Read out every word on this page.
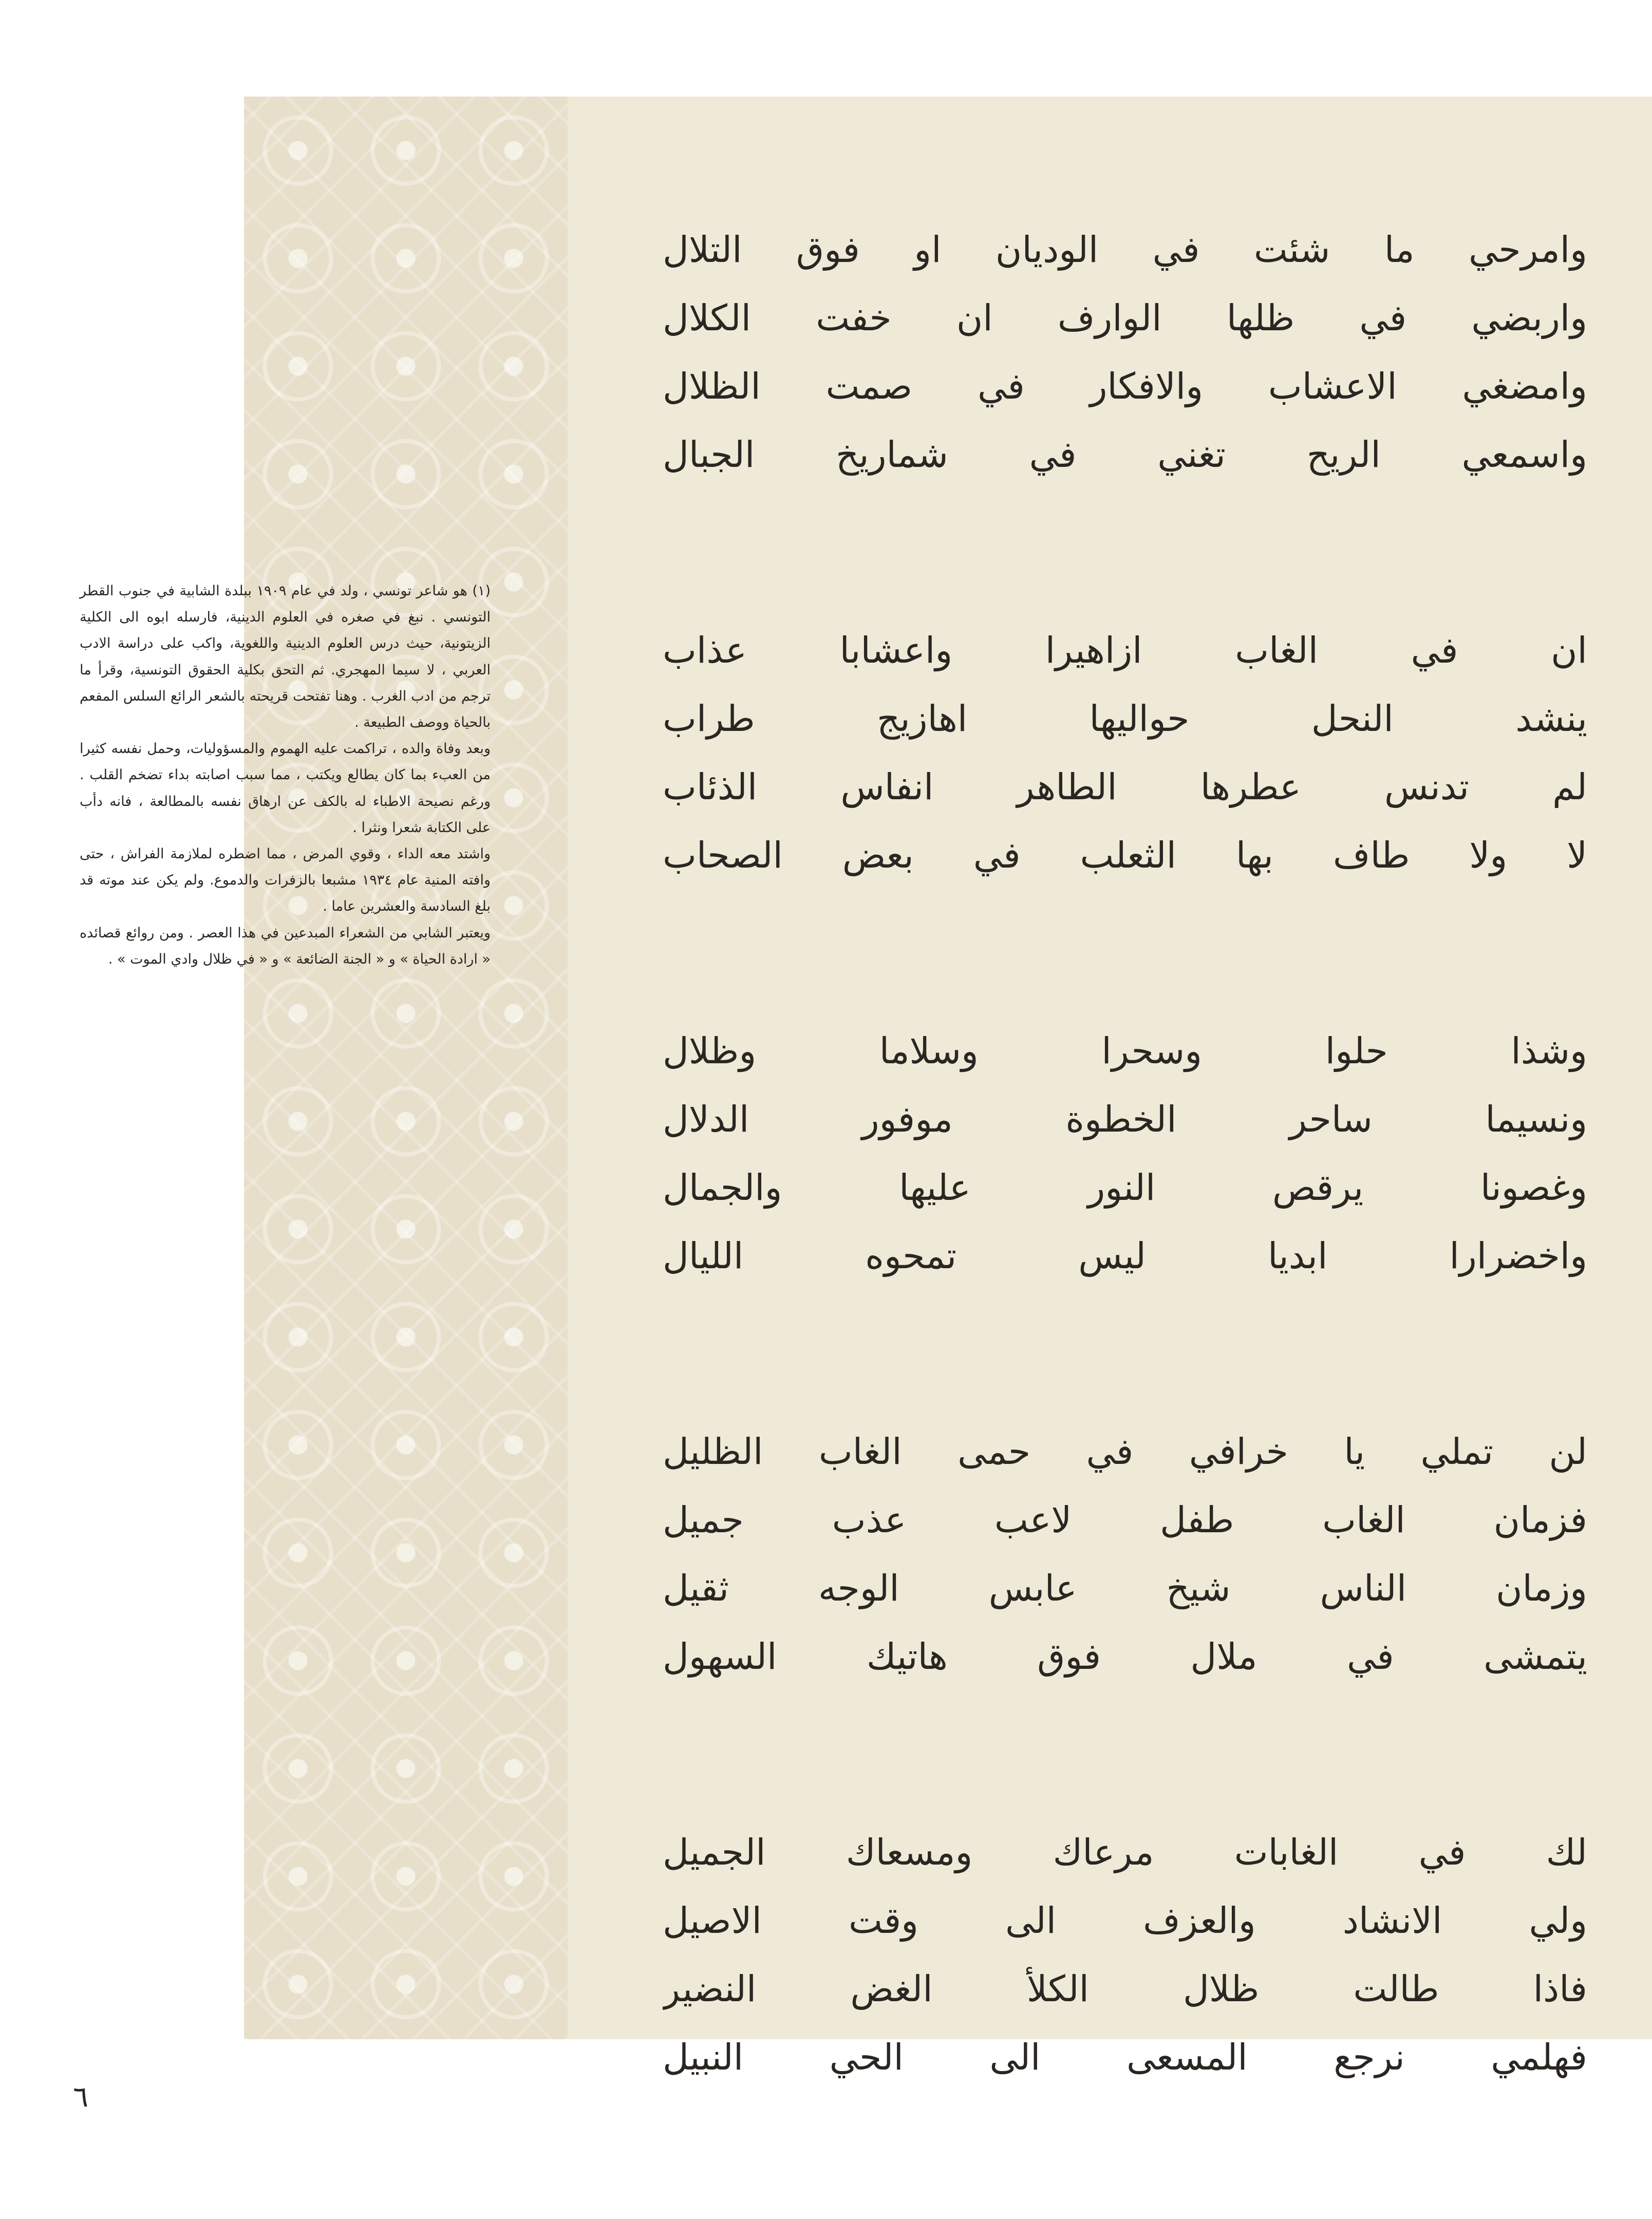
وامرحي ما شئت في الوديان او فوق التلال
واربضي في ظلها الوارف ان خفت الكلال
وامضغي الاعشاب والافكار في صمت الظلال
واسمعي الريح تغني في شماريخ الجبال
ان في الغاب ازاهيرا واعشابا عذاب
ينشد النحل حواليها اهازيج طراب
لم تدنس عطرها الطاهر انفاس الذئاب
لا ولا طاف بها الثعلب في بعض الصحاب
وشذا حلوا وسحرا وسلاما وظلال
ونسيما ساحر الخطوة موفور الدلال
وغصونا يرقص النور عليها والجمال
واخضرارا ابديا ليس تمحوه الليال
لن تملي يا خرافي في حمى الغاب الظليل
فزمان الغاب طفل لاعب عذب جميل
وزمان الناس شيخ عابس الوجه ثقيل
يتمشى في ملال فوق هاتيك السهول
لك في الغابات مرعاك ومسعاك الجميل
ولي الانشاد والعزف الى وقت الاصيل
فاذا طالت ظلال الكلأ الغض النضير
فهلمي نرجع المسعى الى الحي النبيل

(١) هو شاعر تونسي ، ولد في عام ١٩٠٩ ببلدة الشابية في جنوب القطر التونسي . نبغ في صغره في العلوم الدينية، فارسله ابوه الى الكلية الزيتونية، حيث درس العلوم الدينية واللغوية، واكب على دراسة الادب العربي ، لا سيما المهجري. ثم التحق بكلية الحقوق التونسية، وقرأ ما ترجم من ادب الغرب . وهنا تفتحت قريحته بالشعر الرائع السلس المفعم بالحياة ووصف الطبيعة .

وبعد وفاة والده ، تراكمت عليه الهموم والمسؤوليات، وحمل نفسه كثيرا من العبء بما كان يطالع ويكتب ، مما سبب اصابته بداء تضخم القلب . ورغم نصيحة الاطباء له بالكف عن ارهاق نفسه بالمطالعة ، فانه دأب على الكتابة شعرا ونثرا .

واشتد معه الداء ، وقوي المرض ، مما اضطره لملازمة الفراش ، حتى وافته المنية عام ١٩٣٤ مشبعا بالزفرات والدموع. ولم يكن عند موته قد بلغ السادسة والعشرين عاما .

ويعتبر الشابي من الشعراء المبدعين في هذا العصر . ومن روائع قصائده « ارادة الحياة » و « الجنة الضائعة » و « في ظلال وادي الموت » .

٦
